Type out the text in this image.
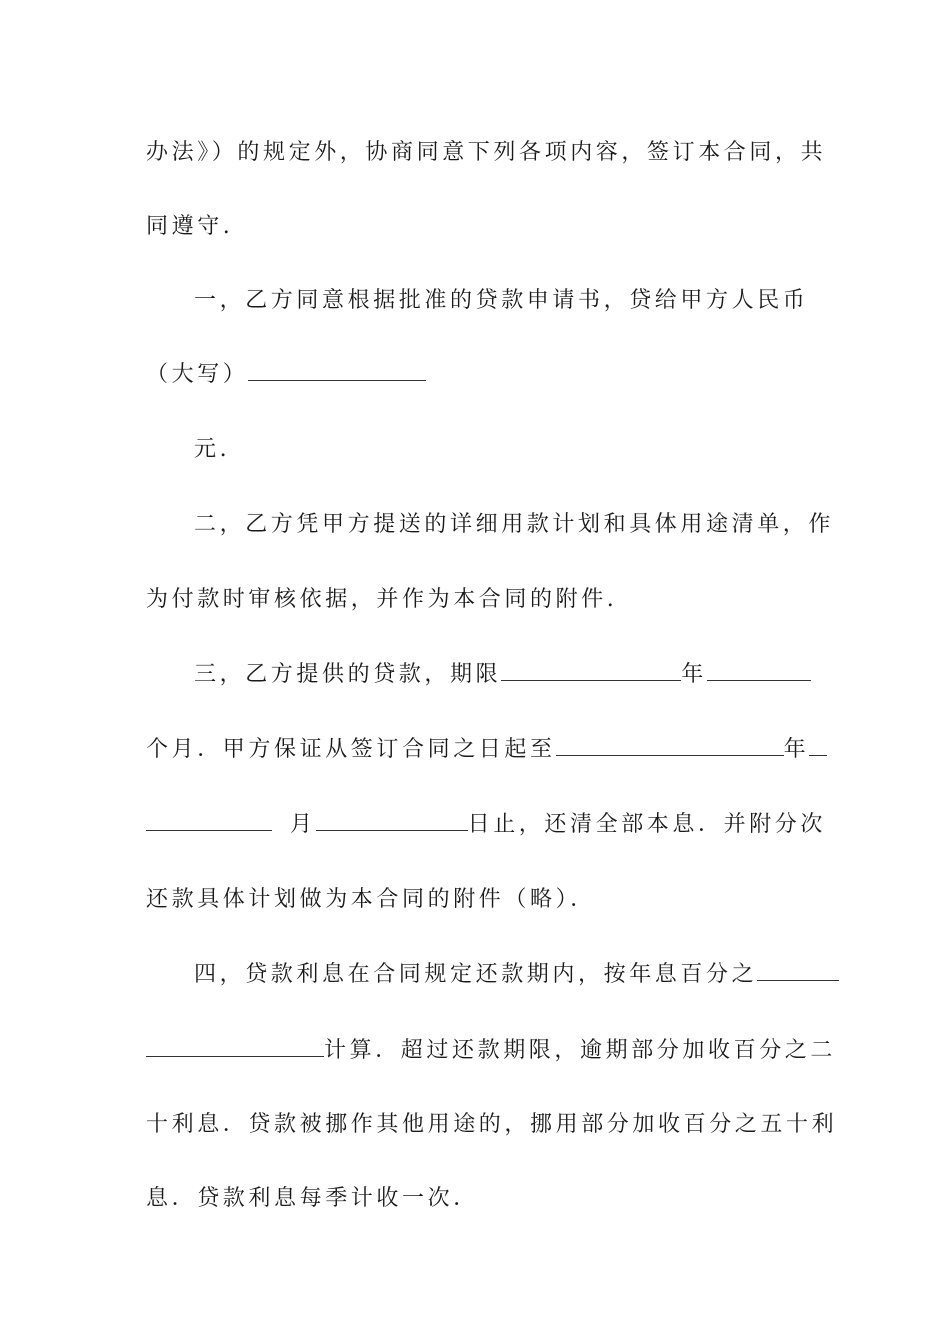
办法》）的规定外，协商同意下列各项内容，签订本合同，共
同遵守.
一，乙方同意根据批准的贷款申请书，贷给甲方人民币
（大写）
元.
二，乙方凭甲方提送的详细用款计划和具体用途清单，作
为付款时审核依据，并作为本合同的附件.
三，乙方提供的贷款，期限	年
个月．甲方保证从签订合同之日起至	年
月	日止，还清全部本息．并附分次
还款具体计划做为本合同的附件（略）．
四，贷款利息在合同规定还款期内，按年息百分之
计算．超过还款期限，逾期部分加收百分之二
十利息．贷款被挪作其他用途的，挪用部分加收百分之五十利
息．贷款利息每季计收一次．
